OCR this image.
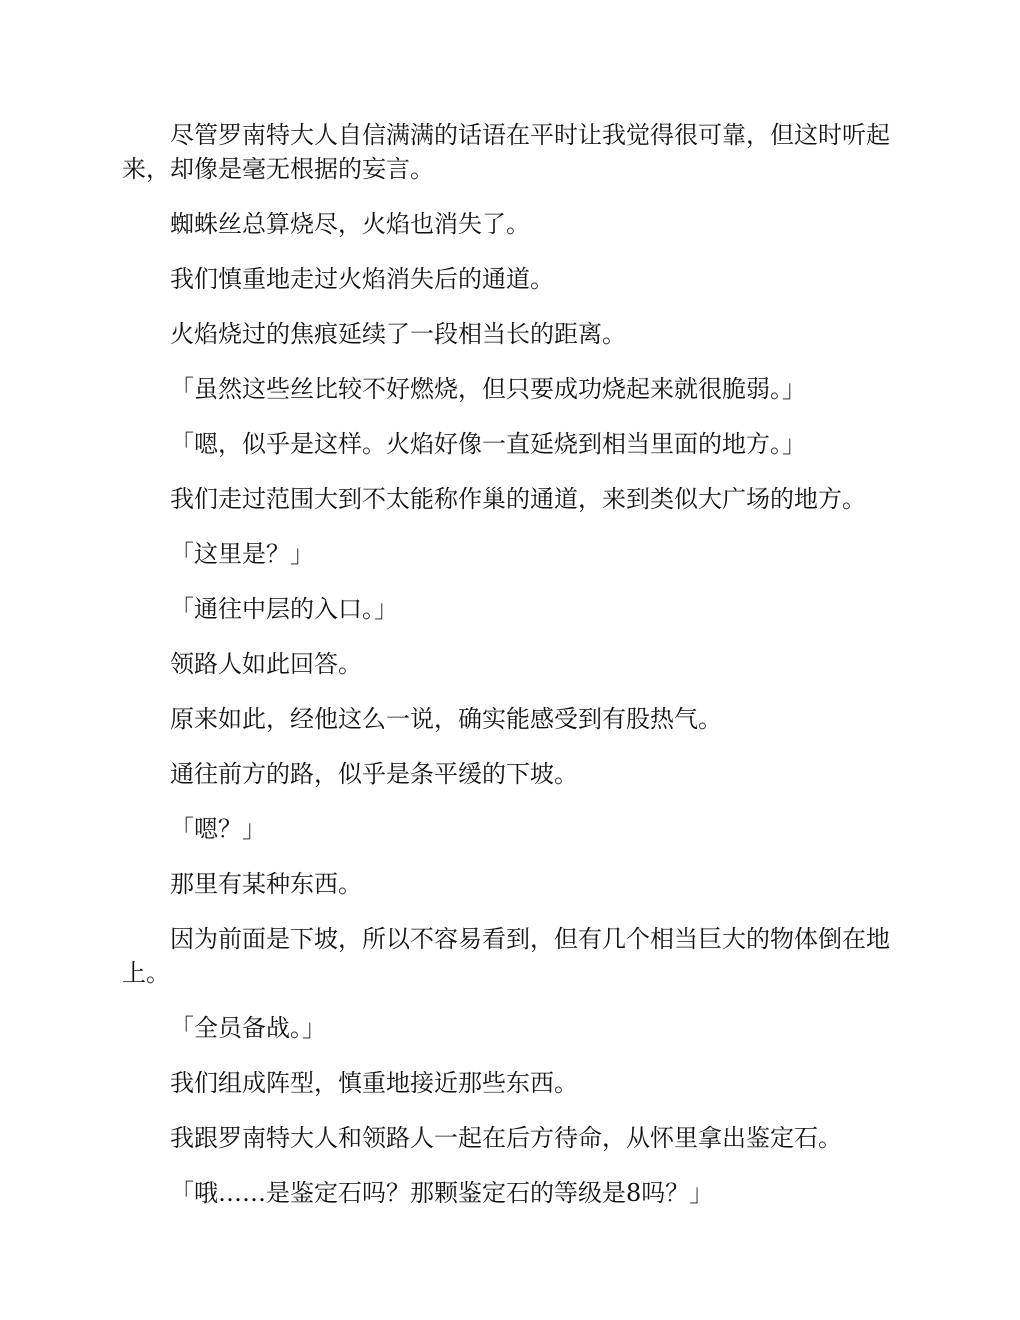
尽管罗南特大人自信满满的话语在平时让我觉得很可靠，但这时听起来，却像是毫无根据的妄言。

蜘蛛丝总算烧尽，火焰也消失了。

我们慎重地走过火焰消失后的通道。

火焰烧过的焦痕延续了一段相当长的距离。

「虽然这些丝比较不好燃烧，但只要成功烧起来就很脆弱。」

「嗯，似乎是这样。火焰好像一直延烧到相当里面的地方。」

我们走过范围大到不太能称作巢的通道，来到类似大广场的地方。

「这里是？」

「通往中层的入口。」

领路人如此回答。

原来如此，经他这么一说，确实能感受到有股热气。

通往前方的路，似乎是条平缓的下坡。

「嗯？」

那里有某种东西。

因为前面是下坡，所以不容易看到，但有几个相当巨大的物体倒在地上。

「全员备战。」

我们组成阵型，慎重地接近那些东西。

我跟罗南特大人和领路人一起在后方待命，从怀里拿出鉴定石。

「哦……是鉴定石吗？那颗鉴定石的等级是8吗？」
